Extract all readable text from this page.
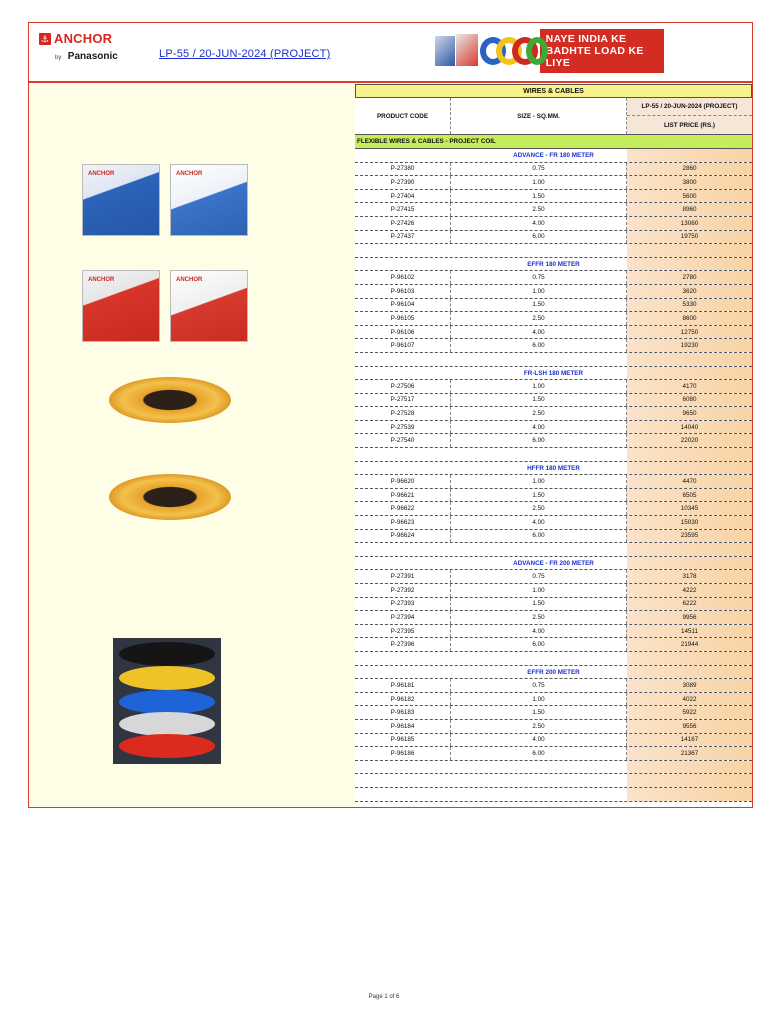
⚓ ANCHOR
by Panasonic	LP-55 / 20-JUN-2024 (PROJECT)
NAYE INDIA KE
BADHTE LOAD KE LIYE
ANCHOR	ANCHOR
ANCHOR	ANCHOR
WIRES & CABLES
PRODUCT CODE	SIZE - SQ.MM.
LP-55 / 20-JUN-2024 (PROJECT)
LIST PRICE (RS.)
FLEXIBLE WIRES & CABLES - PROJECT COIL
ADVANCE - FR 180 METER
P-27380	0.75	2860
P-27390	1.00	3800
P-27404	1.50	5600
P-27415	2.50	8960
P-27426	4.00	13060
P-27437	6.00	19750
EFFR 180 METER
P-96102	0.75	2780
P-96103	1.00	3620
P-96104	1.50	5330
P-96105	2.50	8600
P-96106	4.00	12750
P-96107	6.00	19230
FR-LSH 180 METER
P-27506	1.00	4170
P-27517	1.50	6080
P-27528	2.50	9650
P-27539	4.00	14040
P-27540	6.00	22020
HFFR 180 METER
P-96620	1.00	4470
P-96621	1.50	6505
P-96622	2.50	10345
P-96623	4.00	15030
P-96624	6.00	23595
ADVANCE - FR 200 METER
P-27391	0.75	3178
P-27392	1.00	4222
P-27393	1.50	6222
P-27394	2.50	9956
P-27395	4.00	14511
P-27396	6.00	21944
EFFR 200 METER
P-96181	0.75	3089
P-96182	1.00	4022
P-96183	1.50	5922
P-96184	2.50	9556
P-96185	4.00	14167
P-96186	6.00	21367
Page 1 of 6
